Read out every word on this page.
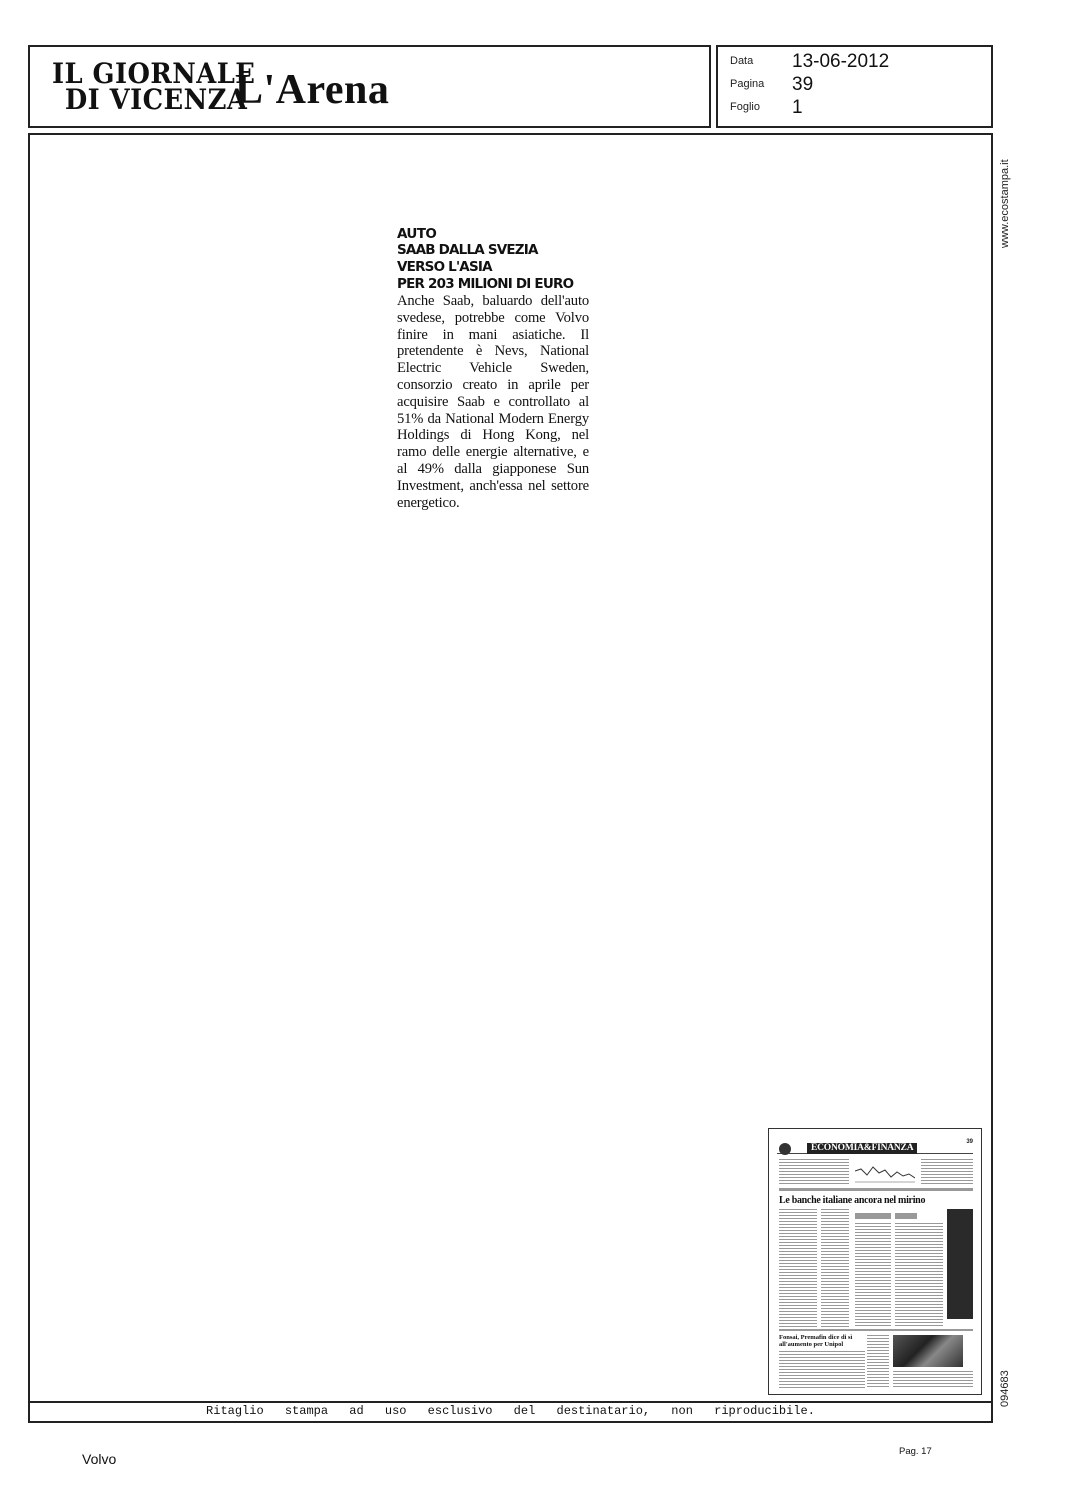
IL GIORNALE
DI VICENZA
L'Arena
Data 13-06-2012
Pagina 39
Foglio 1
Ritaglio stampa ad uso esclusivo del destinatario, non riproducibile.

AUTO

SAAB DALLA SVEZIA
VERSO L'ASIA
PER 203 MILIONI DI EURO

Anche Saab, baluardo dell'auto svedese, potrebbe come Volvo finire in mani asiatiche. Il pretendente è Nevs, National Electric Vehicle Sweden, consorzio creato in aprile per acquisire Saab e controllato al 51% da National Modern Energy Holdings di Hong Kong, nel ramo delle energie alternative, e al 49% dalla giapponese Sun Investment, anch'essa nel settore energetico.

www.ecostampa.it
094683
ECONOMIA&FINANZA
39
Le banche italiane ancora nel mirino
Fonsai, Premafin dice di sì
all'aumento per Unipol
Volvo	Pag. 17
